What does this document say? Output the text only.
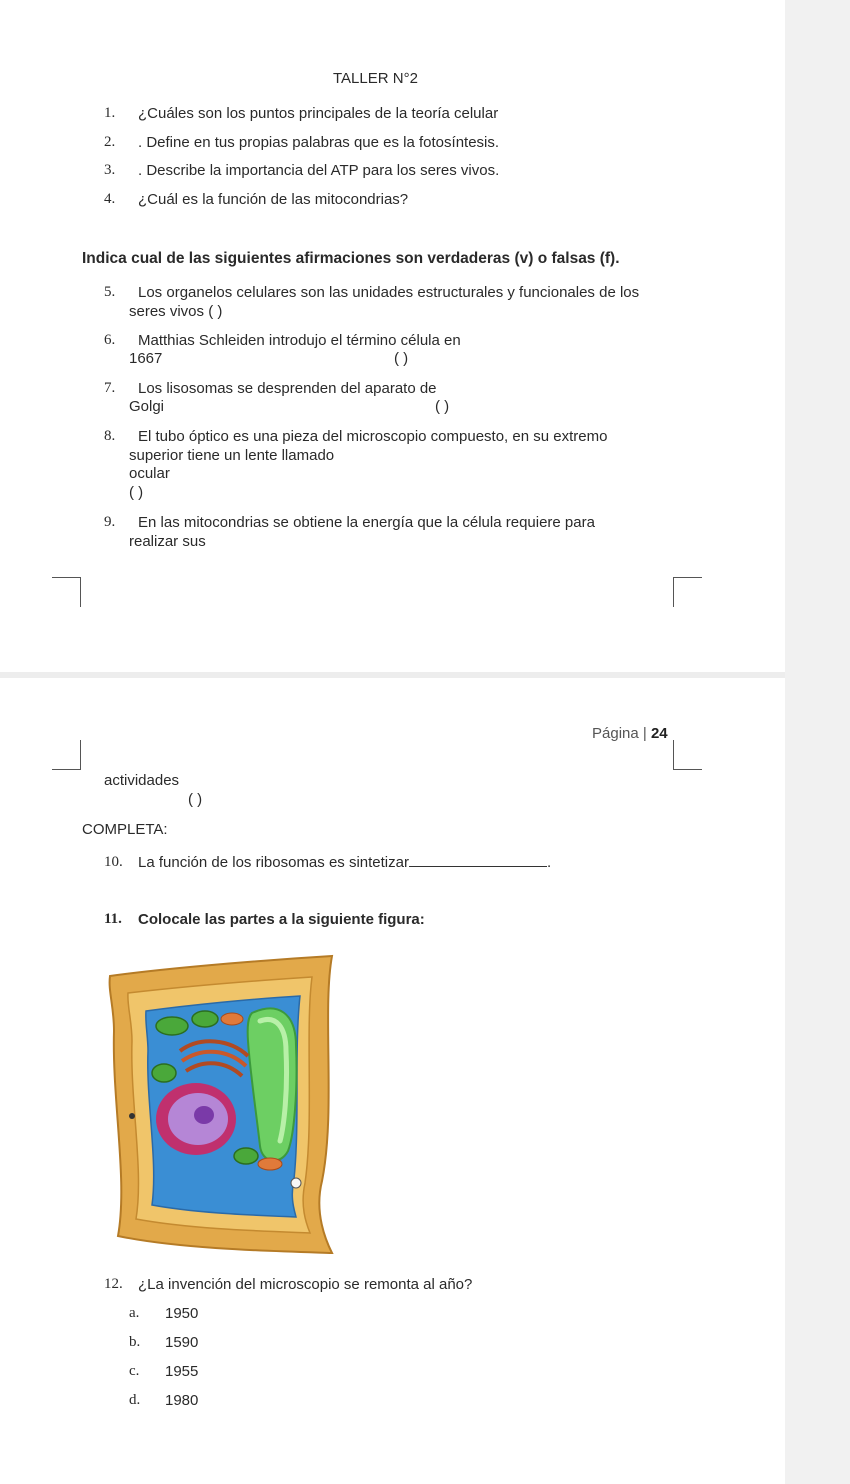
TALLER N°2
1. ¿Cuáles son los puntos principales de la teoría celular
2. . Define en tus propias palabras que es la fotosíntesis.
3. . Describe la importancia del ATP para los seres vivos.
4. ¿Cuál es la función de las mitocondrias?
Indica cual de las siguientes afirmaciones son verdaderas (v) o falsas (f).
5. Los organelos celulares son las unidades estructurales y funcionales de los
seres vivos ( )
6. Matthias Schleiden introdujo el término célula en
1667	( )
7. Los lisosomas se desprenden del aparato de
Golgi	( )
8. El tubo óptico es una pieza del microscopio compuesto, en su extremo
superior tiene un lente llamado
ocular
( )
9. En las mitocondrias se obtiene la energía que la célula requiere para
realizar sus
Página | 24
actividades
( )
COMPLETA:
10. La función de los ribosomas es sintetizar	.
11. Colocale las partes a la siguiente figura:
12. ¿La invención del microscopio se remonta al año?
a. 1950
b. 1590
c. 1955
d. 1980
